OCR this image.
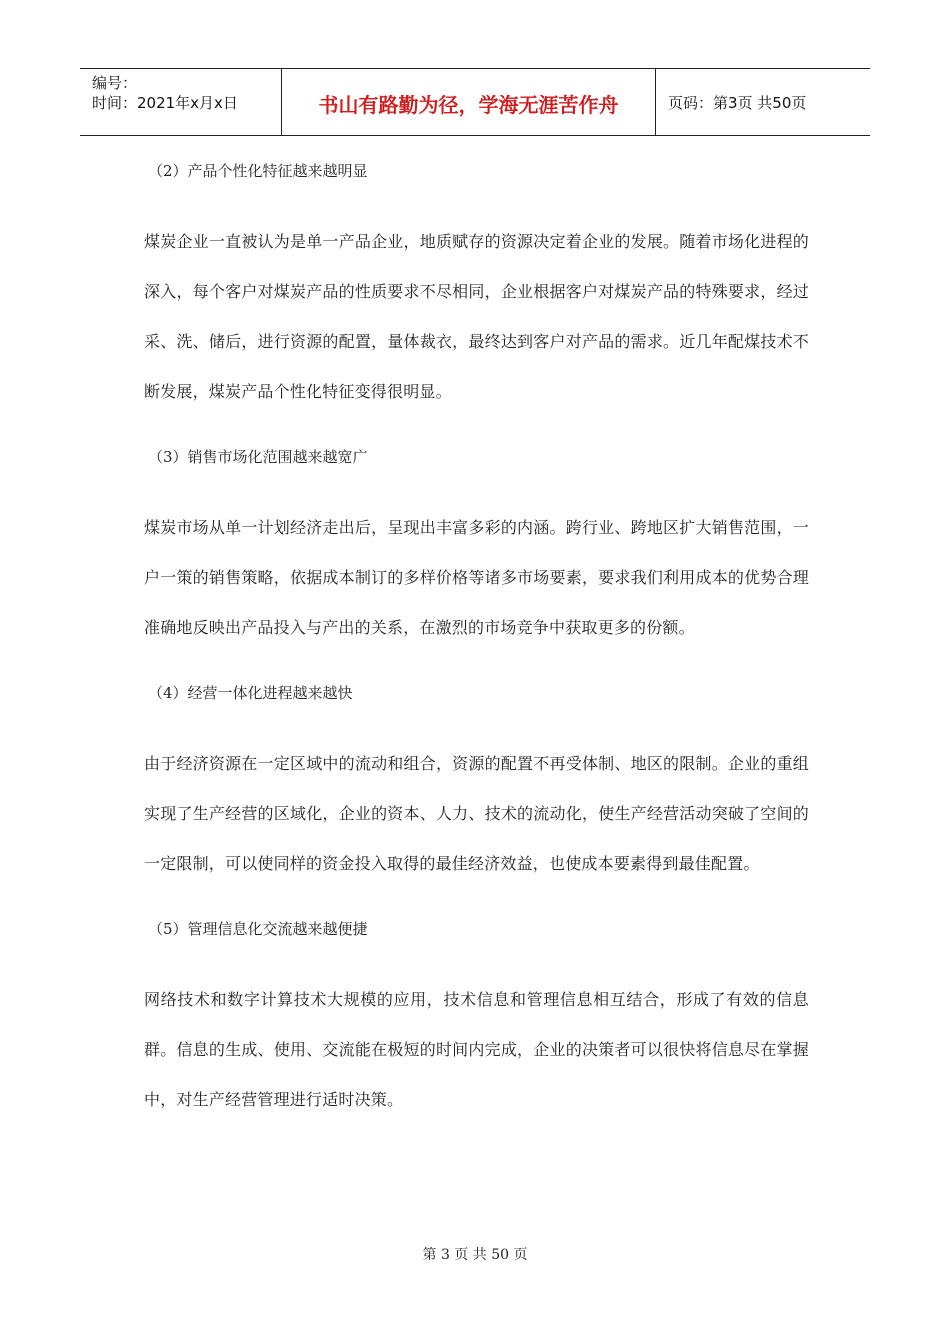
编号：
时间：2021年x月x日	书山有路勤为径，学海无涯苦作舟	页码：第3页 共50页
（2）产品个性化特征越来越明显

煤炭企业一直被认为是单一产品企业，地质赋存的资源决定着企业的发展。随着市场化进程的深入，每个客户对煤炭产品的性质要求不尽相同，企业根据客户对煤炭产品的特殊要求，经过采、洗、储后，进行资源的配置，量体裁衣，最终达到客户对产品的需求。近几年配煤技术不断发展，煤炭产品个性化特征变得很明显。

（3）销售市场化范围越来越宽广

煤炭市场从单一计划经济走出后，呈现出丰富多彩的内涵。跨行业、跨地区扩大销售范围，一户一策的销售策略，依据成本制订的多样价格等诸多市场要素，要求我们利用成本的优势合理准确地反映出产品投入与产出的关系，在激烈的市场竞争中获取更多的份额。

（4）经营一体化进程越来越快

由于经济资源在一定区域中的流动和组合，资源的配置不再受体制、地区的限制。企业的重组实现了生产经营的区域化，企业的资本、人力、技术的流动化，使生产经营活动突破了空间的一定限制，可以使同样的资金投入取得的最佳经济效益，也使成本要素得到最佳配置。

（5）管理信息化交流越来越便捷

网络技术和数字计算技术大规模的应用，技术信息和管理信息相互结合，形成了有效的信息群。信息的生成、使用、交流能在极短的时间内完成，企业的决策者可以很快将信息尽在掌握中，对生产经营管理进行适时决策。

第 3 页 共 50 页
